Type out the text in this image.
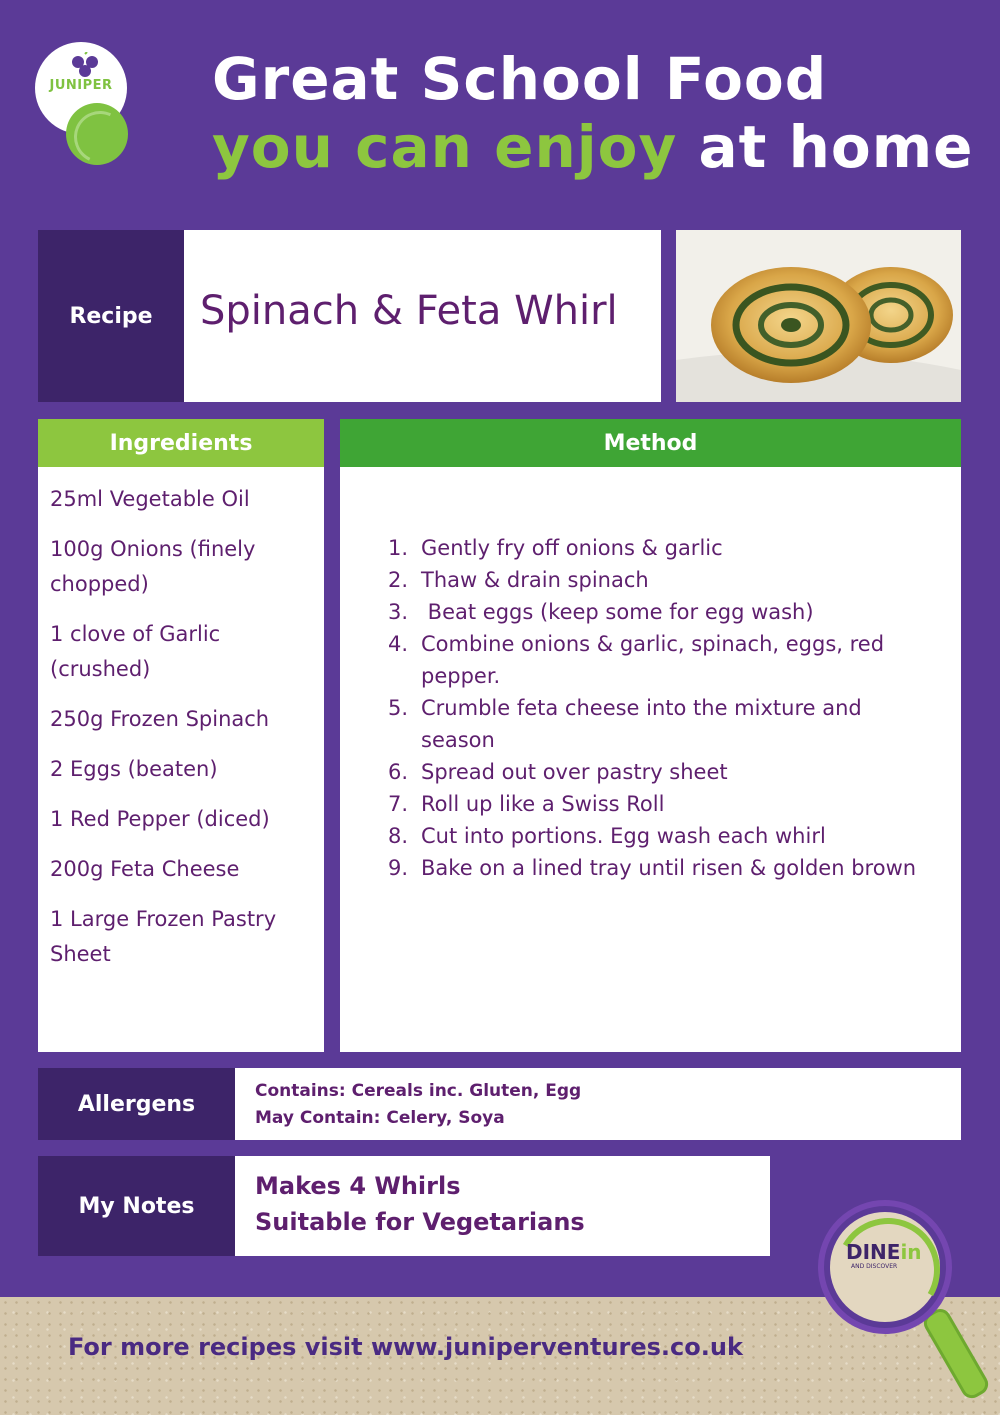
JUNIPER Great School Food
you can enjoy at home
Recipe Spinach & Feta Whirl
Ingredients
25ml Vegetable Oil
100g Onions (finely chopped)
1 clove of Garlic (crushed)
250g Frozen Spinach
2 Eggs (beaten)
1 Red Pepper (diced)
200g Feta Cheese
1 Large Frozen Pastry Sheet
Method
1. Gently fry off onions & garlic
2. Thaw & drain spinach
3. Beat eggs (keep some for egg wash)
4. Combine onions & garlic, spinach, eggs, red pepper.
5. Crumble feta cheese into the mixture and season
6. Spread out over pastry sheet
7. Roll up like a Swiss Roll
8. Cut into portions. Egg wash each whirl
9. Bake on a lined tray until risen & golden brown
Allergens
Contains: Cereals inc. Gluten, Egg
May Contain: Celery, Soya
My Notes
Makes 4 Whirls
Suitable for Vegetarians
For more recipes visit www.juniperventures.co.uk
DINEin
AND DISCOVER
